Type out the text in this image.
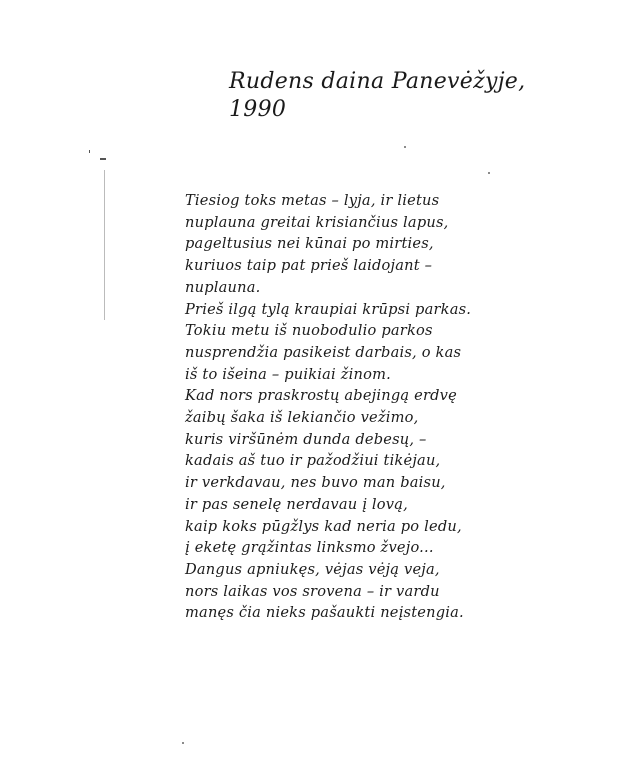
Rudens daina Panevėžyje,
1990
Tiesiog toks metas – lyja, ir lietus
nuplauna greitai krisiančius lapus,
pageltusius nei kūnai po mirties,
kuriuos taip pat prieš laidojant –
nuplauna.
Prieš ilgą tylą kraupiai krūpsi parkas.
Tokiu metu iš nuobodulio parkos
nusprendžia pasikeist darbais, o kas
iš to išeina – puikiai žinom.
Kad nors praskrostų abejingą erdvę
žaibų šaka iš lekiančio vežimo,
kuris viršūnėm dunda debesų, –
kadais aš tuo ir pažodžiui tikėjau,
ir verkdavau, nes buvo man baisu,
ir pas senelę nerdavau į lovą,
kaip koks pūgžlys kad neria po ledu,
į eketę grąžintas linksmo žvejo...
Dangus apniukęs, vėjas vėją veja,
nors laikas vos srovena – ir vardu
manęs čia nieks pašaukti neįstengia.
